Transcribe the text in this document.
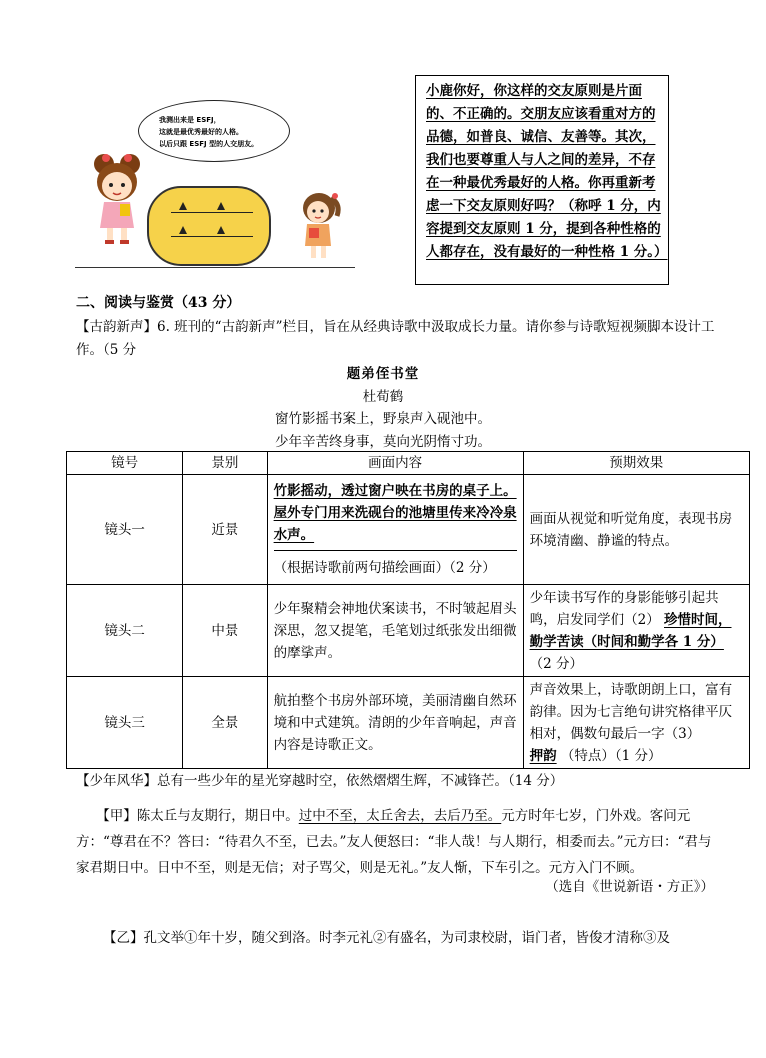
我测出来是 ESFJ，
这就是最优秀最好的人格。
以后只跟 ESFJ 型的人交朋友。
小鹿你好，你这样的交友原则是片面的、不正确的。交朋友应该看重对方的品德，如普良、诚信、友善等。其次，我们也要尊重人与人之间的差异，不存在一种最优秀最好的人格。你再重新考虑一下交友原则好吗？（称呼 1 分，内容提到交友原则 1 分，提到各种性格的人都存在，没有最好的一种性格 1 分。）
二、阅读与鉴赏（43 分）
【古韵新声】6. 班刊的“古韵新声”栏目，旨在从经典诗歌中汲取成长力量。请你参与诗歌短视频脚本设计工作。（5 分
题弟侄书堂
杜荀鹤
窗竹影摇书案上，野泉声入砚池中。
少年辛苦终身事，莫向光阴惰寸功。
镜号	景别	画面内容	预期效果
镜头一	近景	竹影摇动，透过窗户映在书房的桌子上。屋外专门用来洗砚台的池塘里传来冷冷泉水声。
（根据诗歌前两句描绘画面）（2 分）	画面从视觉和听觉角度，表现书房环境清幽、静谧的特点。
镜头二	中景	少年聚精会神地伏案读书，不时皱起眉头深思，忽又提笔，毛笔划过纸张发出细微的摩挲声。	少年读书写作的身影能够引起共鸣，启发同学们（2） 珍惜时间，勤学苦读（时间和勤学各 1 分） （2 分）
镜头三	全景	航拍整个书房外部环境，美丽清幽自然环境和中式建筑。清朗的少年音响起，声音内容是诗歌正文。	声音效果上，诗歌朗朗上口，富有韵律。因为七言绝句讲究格律平仄相对，偶数句最后一字（3）
押韵 （特点）（1 分）
【少年风华】总有一些少年的星光穿越时空，依然熠熠生辉，不减锋芒。（14 分）
【甲】陈太丘与友期行，期日中。过中不至，太丘舍去，去后乃至。元方时年七岁，门外戏。客问元方：“尊君在不？答曰：“待君久不至，已去。”友人便怒曰：“非人哉！与人期行，相委而去。”元方曰：“君与家君期日中。日中不至，则是无信；对子骂父，则是无礼。”友人惭，下车引之。元方入门不顾。
（选自《世说新语・方正》）
【乙】孔文举①年十岁，随父到洛。时李元礼②有盛名，为司隶校尉，诣门者，皆俊才清称③及
